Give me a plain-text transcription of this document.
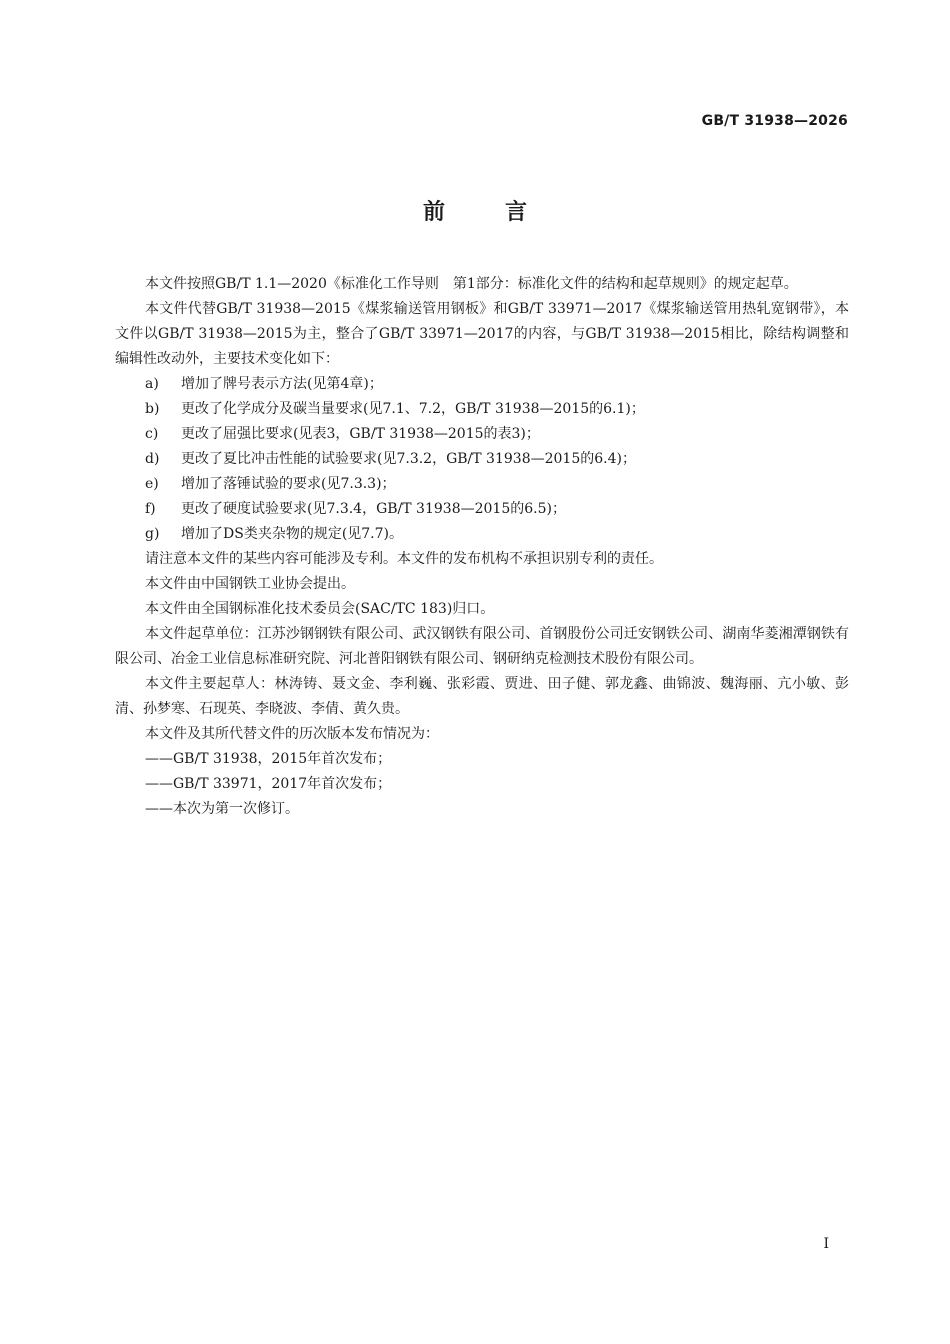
GB/T 31938—2026
前言

本文件按照GB/T 1.1—2020《标准化工作导则　第1部分：标准化文件的结构和起草规则》的规定起草。

本文件代替GB/T 31938—2015《煤浆输送管用钢板》和GB/T 33971—2017《煤浆输送管用热轧宽钢带》，本文件以GB/T 31938—2015为主，整合了GB/T 33971—2017的内容，与GB/T 31938—2015相比，除结构调整和编辑性改动外，主要技术变化如下：

a) 增加了牌号表示方法(见第4章)；

b) 更改了化学成分及碳当量要求(见7.1、7.2，GB/T 31938—2015的6.1)；

c) 更改了屈强比要求(见表3，GB/T 31938—2015的表3)；

d) 更改了夏比冲击性能的试验要求(见7.3.2，GB/T 31938—2015的6.4)；

e) 增加了落锤试验的要求(见7.3.3)；

f) 更改了硬度试验要求(见7.3.4，GB/T 31938—2015的6.5)；

g) 增加了DS类夹杂物的规定(见7.7)。

请注意本文件的某些内容可能涉及专利。本文件的发布机构不承担识别专利的责任。

本文件由中国钢铁工业协会提出。

本文件由全国钢标准化技术委员会(SAC/TC 183)归口。

本文件起草单位：江苏沙钢钢铁有限公司、武汉钢铁有限公司、首钢股份公司迁安钢铁公司、湖南华菱湘潭钢铁有限公司、冶金工业信息标准研究院、河北普阳钢铁有限公司、钢研纳克检测技术股份有限公司。

本文件主要起草人：林涛铸、聂文金、李利巍、张彩霞、贾进、田子健、郭龙鑫、曲锦波、魏海丽、亢小敏、彭清、孙梦寒、石现英、李晓波、李倩、黄久贵。

本文件及其所代替文件的历次版本发布情况为：

——GB/T 31938，2015年首次发布；

——GB/T 33971，2017年首次发布；

——本次为第一次修订。

I
